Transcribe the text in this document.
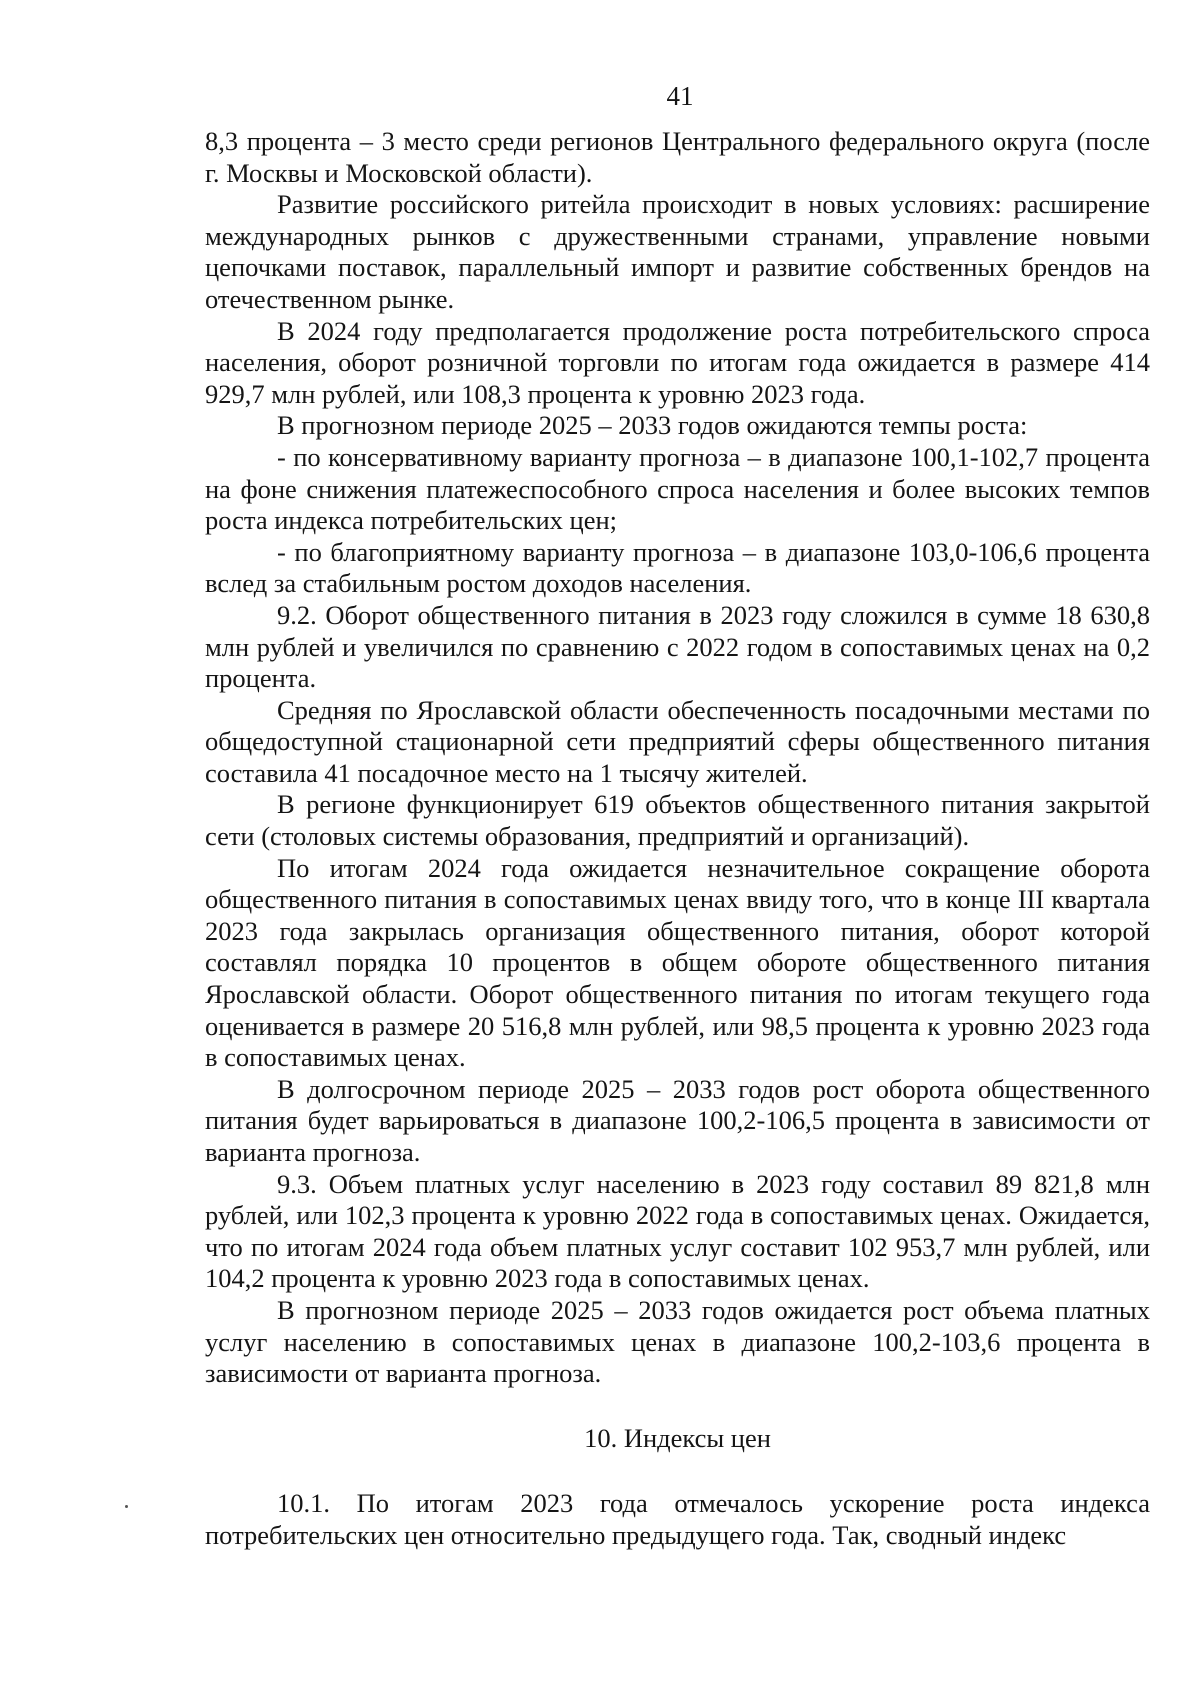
41

8,3 процента – 3 место среди регионов Центрального федерального округа (после г. Москвы и Московской области).

Развитие российского ритейла происходит в новых условиях: расширение международных рынков с дружественными странами, управление новыми цепочками поставок, параллельный импорт и развитие собственных брендов на отечественном рынке.

В 2024 году предполагается продолжение роста потребительского спроса населения, оборот розничной торговли по итогам года ожидается в размере 414 929,7 млн рублей, или 108,3 процента к уровню 2023 года.

В прогнозном периоде 2025 – 2033 годов ожидаются темпы роста:

- по консервативному варианту прогноза – в диапазоне 100,1-102,7 процента на фоне снижения платежеспособного спроса населения и более высоких темпов роста индекса потребительских цен;

- по благоприятному варианту прогноза – в диапазоне 103,0-106,6 процента вслед за стабильным ростом доходов населения.

9.2. Оборот общественного питания в 2023 году сложился в сумме 18 630,8 млн рублей и увеличился по сравнению с 2022 годом в сопоставимых ценах на 0,2 процента.

Средняя по Ярославской области обеспеченность посадочными местами по общедоступной стационарной сети предприятий сферы общественного питания составила 41 посадочное место на 1 тысячу жителей.

В регионе функционирует 619 объектов общественного питания закрытой сети (столовых системы образования, предприятий и организаций).

По итогам 2024 года ожидается незначительное сокращение оборота общественного питания в сопоставимых ценах ввиду того, что в конце III квартала 2023 года закрылась организация общественного питания, оборот которой составлял порядка 10 процентов в общем обороте общественного питания Ярославской области. Оборот общественного питания по итогам текущего года оценивается в размере 20 516,8 млн рублей, или 98,5 процента к уровню 2023 года в сопоставимых ценах.

В долгосрочном периоде 2025 – 2033 годов рост оборота общественного питания будет варьироваться в диапазоне 100,2-106,5 процента в зависимости от варианта прогноза.

9.3. Объем платных услуг населению в 2023 году составил 89 821,8 млн рублей, или 102,3 процента к уровню 2022 года в сопоставимых ценах. Ожидается, что по итогам 2024 года объем платных услуг составит 102 953,7 млн рублей, или 104,2 процента к уровню 2023 года в сопоставимых ценах.

В прогнозном периоде 2025 – 2033 годов ожидается рост объема платных услуг населению в сопоставимых ценах в диапазоне 100,2-103,6 процента в зависимости от варианта прогноза.

10. Индексы цен

10.1. По итогам 2023 года отмечалось ускорение роста индекса потребительских цен относительно предыдущего года. Так, сводный индекс
